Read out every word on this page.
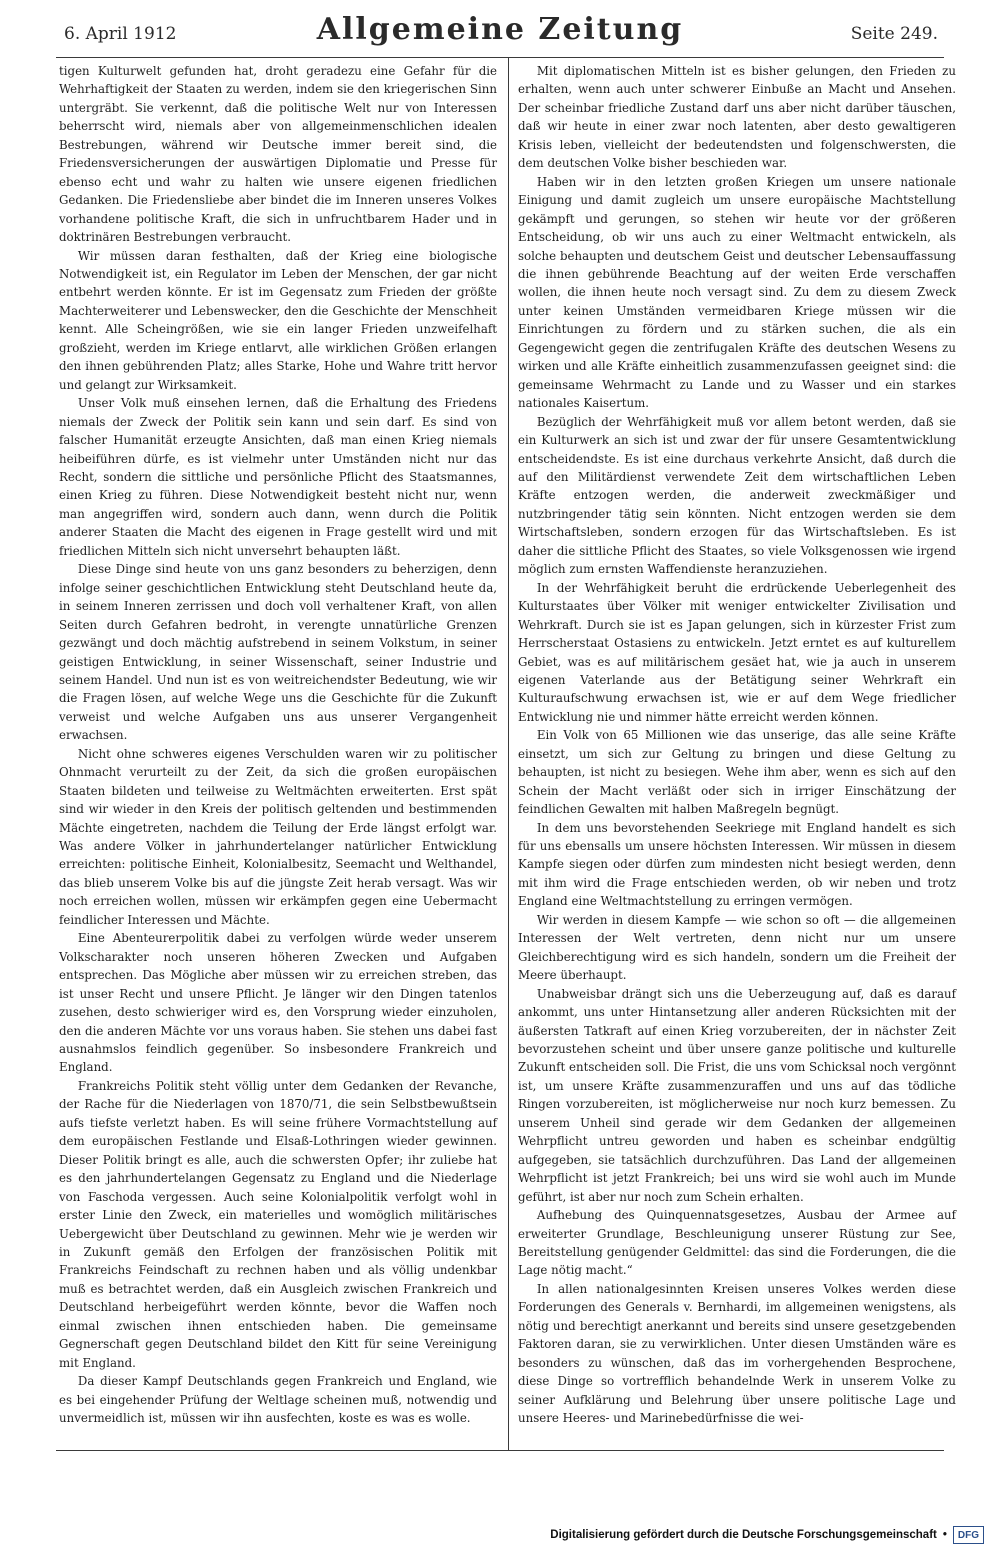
6. April 1912	Allgemeine Zeitung	Seite 249.

tigen Kulturwelt gefunden hat, droht geradezu eine Gefahr für die Wehrhaftigkeit der Staaten zu werden, indem sie den kriegerischen Sinn untergräbt. Sie verkennt, daß die politische Welt nur von Interessen beherrscht wird, niemals aber von allgemeinmenschlichen idealen Bestrebungen, während wir Deutsche immer bereit sind, die Friedensversicherungen der auswärtigen Diplomatie und Presse für ebenso echt und wahr zu halten wie unsere eigenen friedlichen Gedanken. Die Friedensliebe aber bindet die im Inneren unseres Volkes vorhandene politische Kraft, die sich in unfruchtbarem Hader und in doktrinären Bestrebungen verbraucht.

Wir müssen daran festhalten, daß der Krieg eine biologische Notwendigkeit ist, ein Regulator im Leben der Menschen, der gar nicht entbehrt werden könnte. Er ist im Gegensatz zum Frieden der größte Machterweiterer und Lebenswecker, den die Geschichte der Menschheit kennt. Alle Scheingrößen, wie sie ein langer Frieden unzweifelhaft großzieht, werden im Kriege entlarvt, alle wirklichen Größen erlangen den ihnen gebührenden Platz; alles Starke, Hohe und Wahre tritt hervor und gelangt zur Wirksamkeit.

Unser Volk muß einsehen lernen, daß die Erhaltung des Friedens niemals der Zweck der Politik sein kann und sein darf. Es sind von falscher Humanität erzeugte Ansichten, daß man einen Krieg niemals heibeiführen dürfe, es ist vielmehr unter Umständen nicht nur das Recht, sondern die sittliche und persönliche Pflicht des Staatsmannes, einen Krieg zu führen. Diese Notwendigkeit besteht nicht nur, wenn man angegriffen wird, sondern auch dann, wenn durch die Politik anderer Staaten die Macht des eigenen in Frage gestellt wird und mit friedlichen Mitteln sich nicht unversehrt behaupten läßt.

Diese Dinge sind heute von uns ganz besonders zu beherzigen, denn infolge seiner geschichtlichen Entwicklung steht Deutschland heute da, in seinem Inneren zerrissen und doch voll verhaltener Kraft, von allen Seiten durch Gefahren bedroht, in verengte unnatürliche Grenzen gezwängt und doch mächtig aufstrebend in seinem Volkstum, in seiner geistigen Entwicklung, in seiner Wissenschaft, seiner Industrie und seinem Handel. Und nun ist es von weitreichendster Bedeutung, wie wir die Fragen lösen, auf welche Wege uns die Geschichte für die Zukunft verweist und welche Aufgaben uns aus unserer Vergangenheit erwachsen.

Nicht ohne schweres eigenes Verschulden waren wir zu politischer Ohnmacht verurteilt zu der Zeit, da sich die großen europäischen Staaten bildeten und teilweise zu Weltmächten erweiterten. Erst spät sind wir wieder in den Kreis der politisch geltenden und bestimmenden Mächte eingetreten, nachdem die Teilung der Erde längst erfolgt war. Was andere Völker in jahrhundertelanger natürlicher Entwicklung erreichten: politische Einheit, Kolonialbesitz, Seemacht und Welthandel, das blieb unserem Volke bis auf die jüngste Zeit herab versagt. Was wir noch erreichen wollen, müssen wir erkämpfen gegen eine Uebermacht feindlicher Interessen und Mächte.

Eine Abenteurerpolitik dabei zu verfolgen würde weder unserem Volkscharakter noch unseren höheren Zwecken und Aufgaben entsprechen. Das Mögliche aber müssen wir zu erreichen streben, das ist unser Recht und unsere Pflicht. Je länger wir den Dingen tatenlos zusehen, desto schwieriger wird es, den Vorsprung wieder einzuholen, den die anderen Mächte vor uns voraus haben. Sie stehen uns dabei fast ausnahmslos feindlich gegenüber. So insbesondere Frankreich und England.

Frankreichs Politik steht völlig unter dem Gedanken der Revanche, der Rache für die Niederlagen von 1870/71, die sein Selbstbewußtsein aufs tiefste verletzt haben. Es will seine frühere Vormachtstellung auf dem europäischen Festlande und Elsaß-Lothringen wieder gewinnen. Dieser Politik bringt es alle, auch die schwersten Opfer; ihr zuliebe hat es den jahrhundertelangen Gegensatz zu England und die Niederlage von Faschoda vergessen. Auch seine Kolonialpolitik verfolgt wohl in erster Linie den Zweck, ein materielles und womöglich militärisches Uebergewicht über Deutschland zu gewinnen. Mehr wie je werden wir in Zukunft gemäß den Erfolgen der französischen Politik mit Frankreichs Feindschaft zu rechnen haben und als völlig undenkbar muß es betrachtet werden, daß ein Ausgleich zwischen Frankreich und Deutschland herbeigeführt werden könnte, bevor die Waffen noch einmal zwischen ihnen entschieden haben. Die gemeinsame Gegnerschaft gegen Deutschland bildet den Kitt für seine Vereinigung mit England.

Da dieser Kampf Deutschlands gegen Frankreich und England, wie es bei eingehender Prüfung der Weltlage scheinen muß, notwendig und unvermeidlich ist, müssen wir ihn ausfechten, koste es was es wolle.

Mit diplomatischen Mitteln ist es bisher gelungen, den Frieden zu erhalten, wenn auch unter schwerer Einbuße an Macht und Ansehen. Der scheinbar friedliche Zustand darf uns aber nicht darüber täuschen, daß wir heute in einer zwar noch latenten, aber desto gewaltigeren Krisis leben, vielleicht der bedeutendsten und folgenschwersten, die dem deutschen Volke bisher beschieden war.

Haben wir in den letzten großen Kriegen um unsere nationale Einigung und damit zugleich um unsere europäische Machtstellung gekämpft und gerungen, so stehen wir heute vor der größeren Entscheidung, ob wir uns auch zu einer Weltmacht entwickeln, als solche behaupten und deutschem Geist und deutscher Lebensauffassung die ihnen gebührende Beachtung auf der weiten Erde verschaffen wollen, die ihnen heute noch versagt sind. Zu dem zu diesem Zweck unter keinen Umständen vermeidbaren Kriege müssen wir die Einrichtungen zu fördern und zu stärken suchen, die als ein Gegengewicht gegen die zentrifugalen Kräfte des deutschen Wesens zu wirken und alle Kräfte einheitlich zusammenzufassen geeignet sind: die gemeinsame Wehrmacht zu Lande und zu Wasser und ein starkes nationales Kaisertum.

Bezüglich der Wehrfähigkeit muß vor allem betont werden, daß sie ein Kulturwerk an sich ist und zwar der für unsere Gesamtentwicklung entscheidendste. Es ist eine durchaus verkehrte Ansicht, daß durch die auf den Militärdienst verwendete Zeit dem wirtschaftlichen Leben Kräfte entzogen werden, die anderweit zweckmäßiger und nutzbringender tätig sein könnten. Nicht entzogen werden sie dem Wirtschaftsleben, sondern erzogen für das Wirtschaftsleben. Es ist daher die sittliche Pflicht des Staates, so viele Volksgenossen wie irgend möglich zum ernsten Waffendienste heranzuziehen.

In der Wehrfähigkeit beruht die erdrückende Ueberlegenheit des Kulturstaates über Völker mit weniger entwickelter Zivilisation und Wehrkraft. Durch sie ist es Japan gelungen, sich in kürzester Frist zum Herrscherstaat Ostasiens zu entwickeln. Jetzt erntet es auf kulturellem Gebiet, was es auf militärischem gesäet hat, wie ja auch in unserem eigenen Vaterlande aus der Betätigung seiner Wehrkraft ein Kulturaufschwung erwachsen ist, wie er auf dem Wege friedlicher Entwicklung nie und nimmer hätte erreicht werden können.

Ein Volk von 65 Millionen wie das unserige, das alle seine Kräfte einsetzt, um sich zur Geltung zu bringen und diese Geltung zu behaupten, ist nicht zu besiegen. Wehe ihm aber, wenn es sich auf den Schein der Macht verläßt oder sich in irriger Einschätzung der feindlichen Gewalten mit halben Maßregeln begnügt.

In dem uns bevorstehenden Seekriege mit England handelt es sich für uns ebensalls um unsere höchsten Interessen. Wir müssen in diesem Kampfe siegen oder dürfen zum mindesten nicht besiegt werden, denn mit ihm wird die Frage entschieden werden, ob wir neben und trotz England eine Weltmachtstellung zu erringen vermögen.

Wir werden in diesem Kampfe — wie schon so oft — die allgemeinen Interessen der Welt vertreten, denn nicht nur um unsere Gleichberechtigung wird es sich handeln, sondern um die Freiheit der Meere überhaupt.

Unabweisbar drängt sich uns die Ueberzeugung auf, daß es darauf ankommt, uns unter Hintansetzung aller anderen Rücksichten mit der äußersten Tatkraft auf einen Krieg vorzubereiten, der in nächster Zeit bevorzustehen scheint und über unsere ganze politische und kulturelle Zukunft entscheiden soll. Die Frist, die uns vom Schicksal noch vergönnt ist, um unsere Kräfte zusammenzuraffen und uns auf das tödliche Ringen vorzubereiten, ist möglicherweise nur noch kurz bemessen. Zu unserem Unheil sind gerade wir dem Gedanken der allgemeinen Wehrpflicht untreu geworden und haben es scheinbar endgültig aufgegeben, sie tatsächlich durchzuführen. Das Land der allgemeinen Wehrpflicht ist jetzt Frankreich; bei uns wird sie wohl auch im Munde geführt, ist aber nur noch zum Schein erhalten.

Aufhebung des Quinquennatsgesetzes, Ausbau der Armee auf erweiterter Grundlage, Beschleunigung unserer Rüstung zur See, Bereitstellung genügender Geldmittel: das sind die Forderungen, die die Lage nötig macht.“

In allen nationalgesinnten Kreisen unseres Volkes werden diese Forderungen des Generals v. Bernhardi, im allgemeinen wenigstens, als nötig und berechtigt anerkannt und bereits sind unsere gesetzgebenden Faktoren daran, sie zu verwirklichen. Unter diesen Umständen wäre es besonders zu wünschen, daß das im vorhergehenden Besprochene, diese Dinge so vortrefflich behandelnde Werk in unserem Volke zu seiner Aufklärung und Belehrung über unsere politische Lage und unsere Heeres- und Marinebedürfnisse die wei-

Digitalisierung gefördert durch die Deutsche Forschungsgemeinschaft •	DFG
